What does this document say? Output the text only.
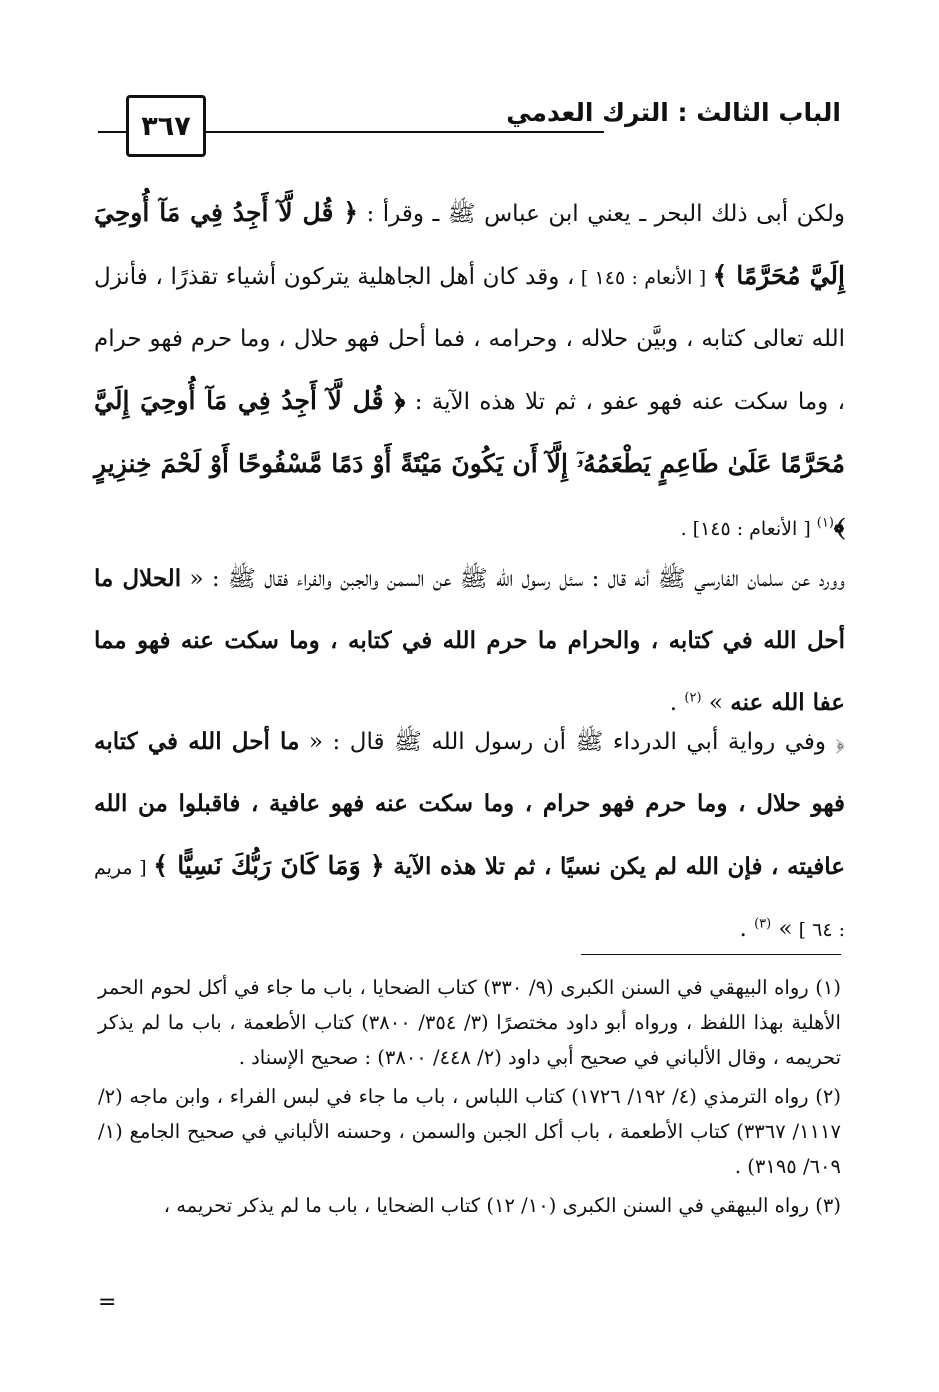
الباب الثالث : الترك العدمي
٣٦٧
ولكن أبى ذلك البحر ـ يعني ابن عباس ﷺ ـ وقرأ : ﴿ قُل لَّآ أَجِدُ فِي مَآ أُوحِيَ إِلَيَّ مُحَرَّمًا ﴾ [ الأنعام : ١٤٥ ] ، وقد كان أهل الجاهلية يتركون أشياء تقذرًا ، فأنزل الله تعالى كتابه ، وبيَّن حلاله ، وحرامه ، فما أحل فهو حلال ، وما حرم فهو حرام ، وما سكت عنه فهو عفو ، ثم تلا هذه الآية : ﴿ قُل لَّآ أَجِدُ فِي مَآ أُوحِيَ إِلَيَّ مُحَرَّمًا عَلَىٰ طَاعِمٍ يَطْعَمُهُۥٓ إِلَّآ أَن يَكُونَ مَيْتَةً أَوْ دَمًا مَّسْفُوحًا أَوْ لَحْمَ خِنزِيرٍ ﴾$^{(١)}$ [ الأنعام : ١٤٥] .
وورد عن سلمان الفارسي ﷺ أنه قال : سئل رسول الله ﷺ عن السمن والجبن والفراء فقال ﷺ : « الحلال ما أحل الله في كتابه ، والحرام ما حرم الله في كتابه ، وما سكت عنه فهو مما عفا الله عنه » $^{(٢)}$ .
﴿ وفي رواية أبي الدرداء ﷺ أن رسول الله ﷺ قال : « ما أحل الله في كتابه فهو حلال ، وما حرم فهو حرام ، وما سكت عنه فهو عافية ، فاقبلوا من الله عافيته ، فإن الله لم يكن نسيًا ، ثم تلا هذه الآية ﴿ وَمَا كَانَ رَبُّكَ نَسِيًّا ﴾ [ مريم : ٦٤ ] » $^{(٣)}$ .

(١) رواه البيهقي في السنن الكبرى (٩/ ٣٣٠) كتاب الضحايا ، باب ما جاء في أكل لحوم الحمر الأهلية بهذا اللفظ ، ورواه أبو داود مختصرًا (٣/ ٣٥٤/ ٣٨٠٠) كتاب الأطعمة ، باب ما لم يذكر تحريمه ، وقال الألباني في صحيح أبي داود (٢/ ٤٤٨/ ٣٨٠٠) : صحيح الإسناد .

(٢) رواه الترمذي (٤/ ١٩٢/ ١٧٢٦) كتاب اللباس ، باب ما جاء في لبس الفراء ، وابن ماجه (٢/ ١١١٧/ ٣٣٦٧) كتاب الأطعمة ، باب أكل الجبن والسمن ، وحسنه الألباني في صحيح الجامع (١/ ٦٠٩/ ٣١٩٥) .

(٣) رواه البيهقي في السنن الكبرى (١٠/ ١٢) كتاب الضحايا ، باب ما لم يذكر تحريمه ،

=
